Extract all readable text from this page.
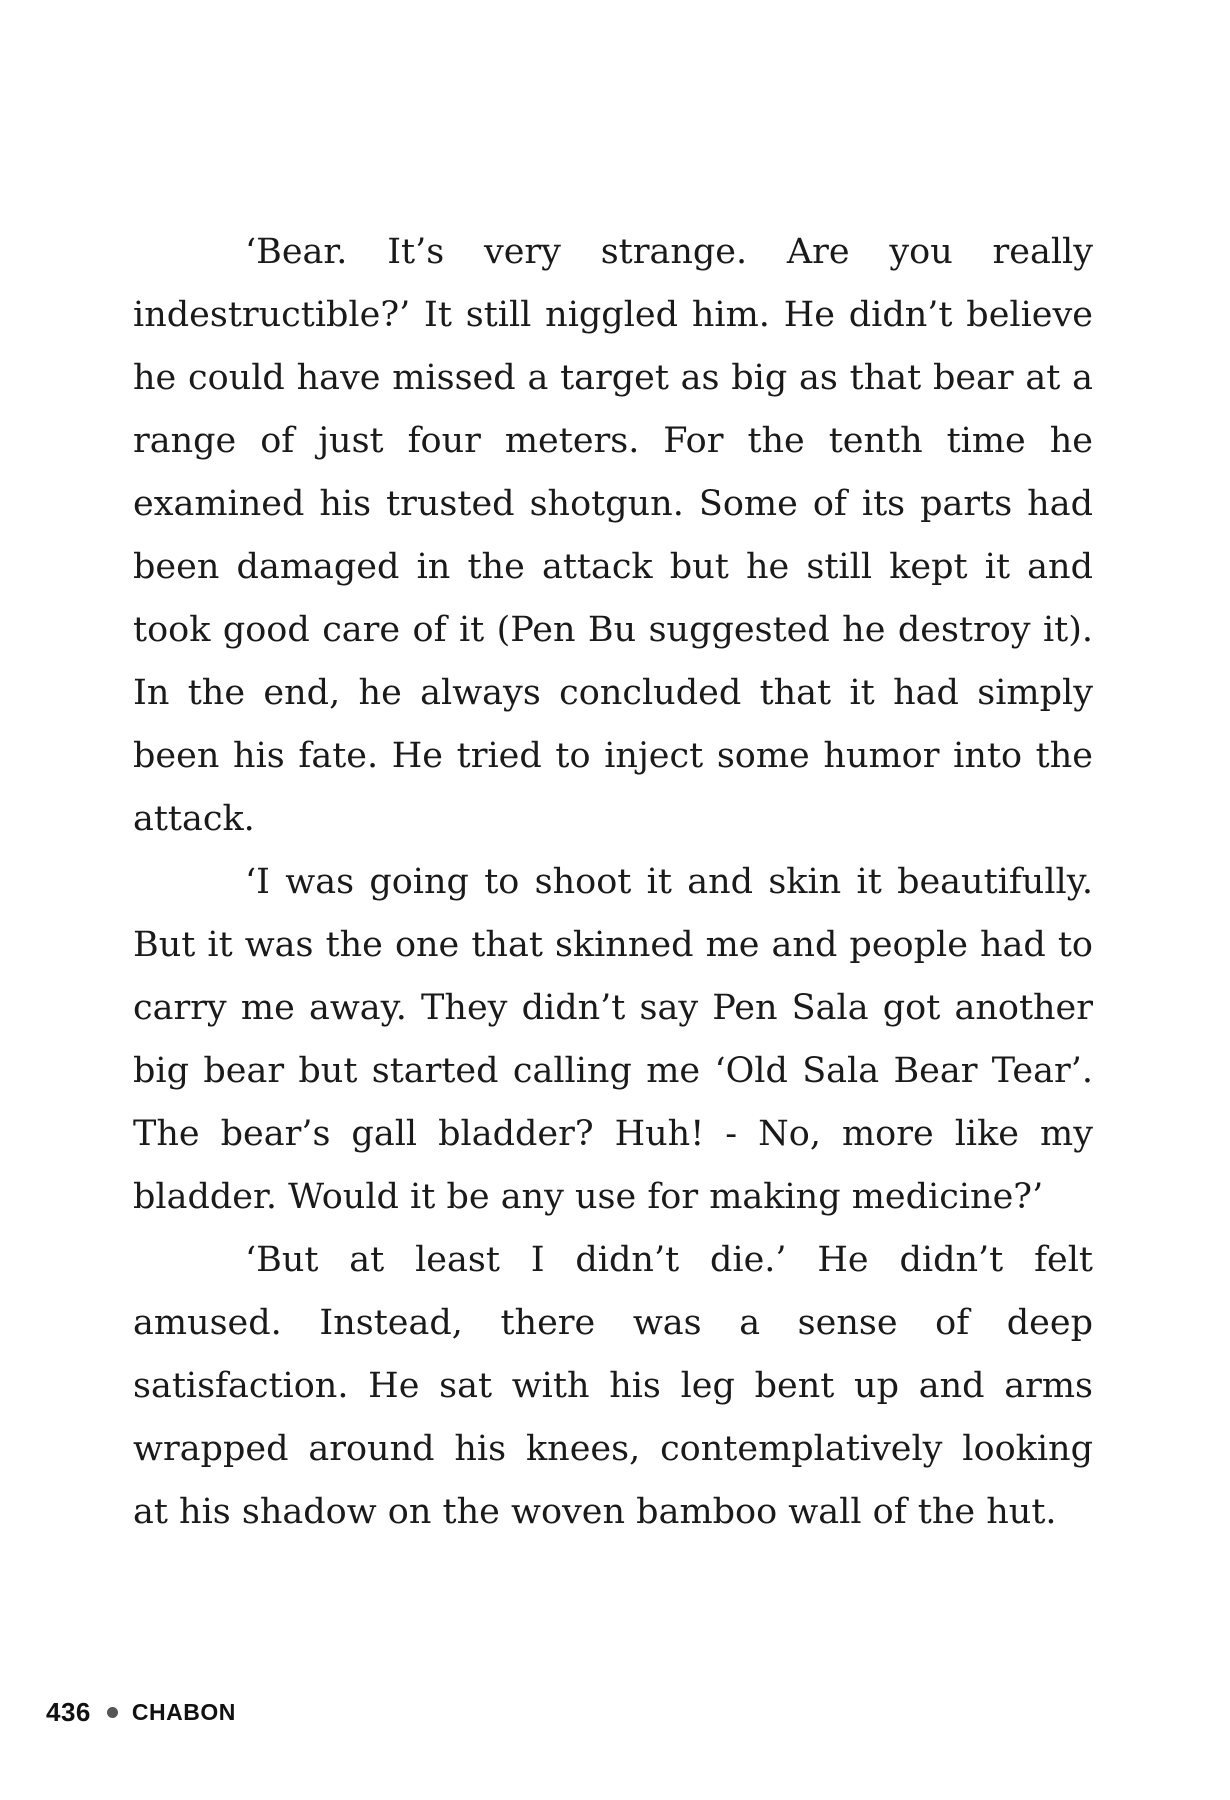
‘Bear. It’s very strange. Are you really indestructible?’ It still niggled him. He didn’t believe he could have missed a target as big as that bear at a range of just four meters. For the tenth time he examined his trusted shotgun. Some of its parts had been damaged in the attack but he still kept it and took good care of it (Pen Bu suggested he destroy it). In the end, he always concluded that it had simply been his fate. He tried to inject some humor into the attack.

‘I was going to shoot it and skin it beautifully. But it was the one that skinned me and people had to carry me away. They didn’t say Pen Sala got another big bear but started calling me ‘Old Sala Bear Tear’. The bear’s gall bladder? Huh! - No, more like my bladder. Would it be any use for making medicine?’

‘But at least I didn’t die.’ He didn’t felt amused. Instead, there was a sense of deep satisfaction. He sat with his leg bent up and arms wrapped around his knees, contemplatively looking at his shadow on the woven bamboo wall of the hut.

436 CHABON
